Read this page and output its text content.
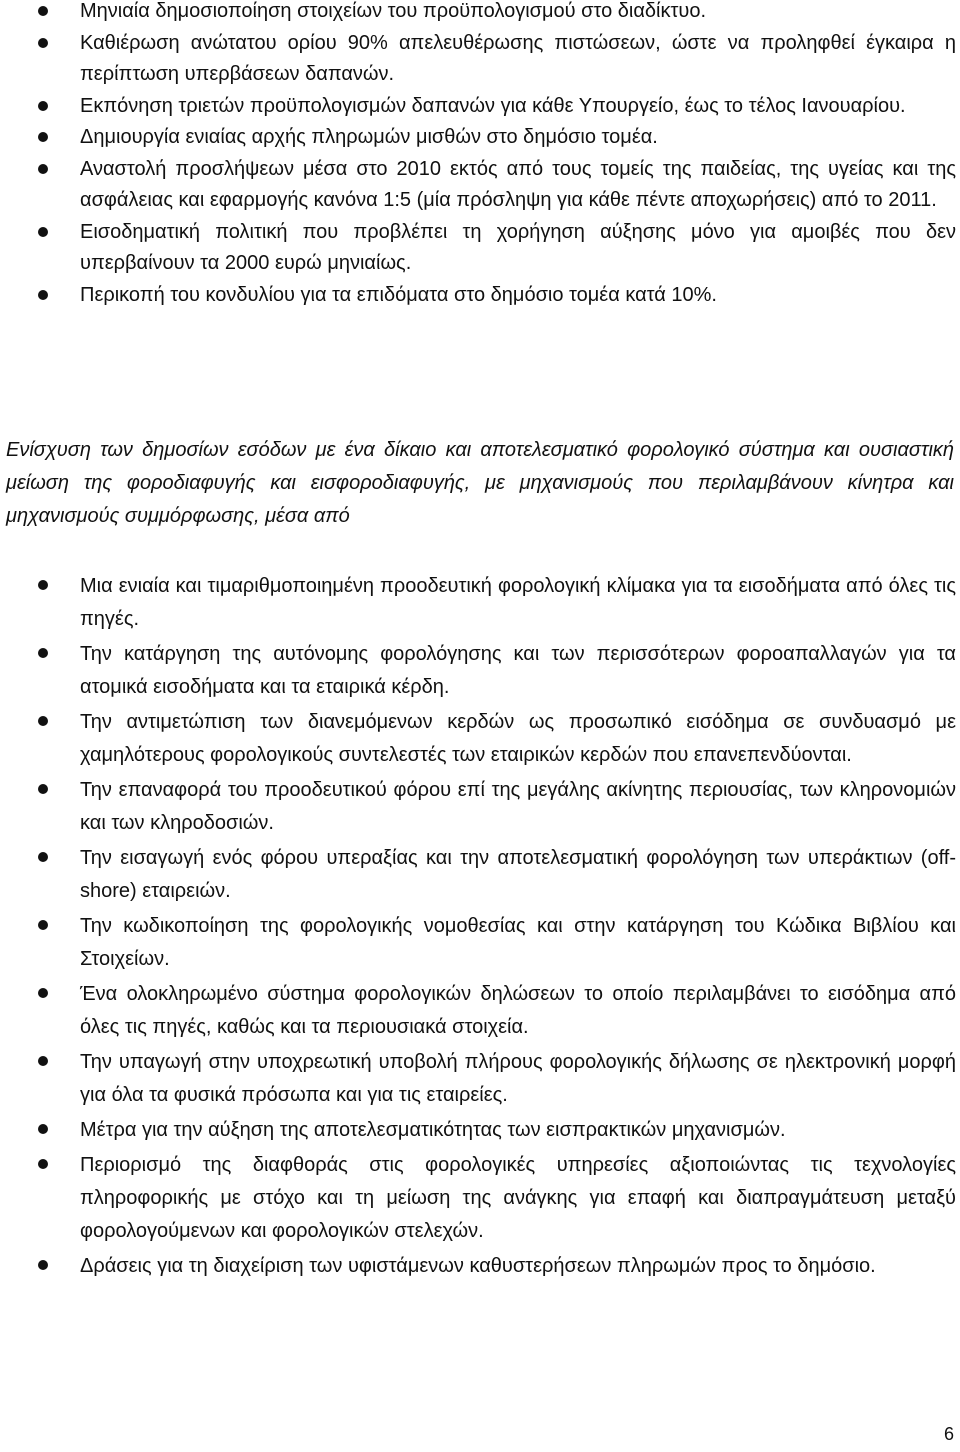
Μηνιαία δημοσιοποίηση στοιχείων του προϋπολογισμού στο διαδίκτυο.
Καθιέρωση ανώτατου ορίου 90% απελευθέρωσης πιστώσεων, ώστε να προληφθεί έγκαιρα η περίπτωση υπερβάσεων δαπανών.
Εκπόνηση τριετών προϋπολογισμών δαπανών για κάθε Υπουργείο, έως το τέλος Ιανουαρίου.
Δημιουργία ενιαίας αρχής πληρωμών μισθών στο δημόσιο τομέα.
Αναστολή προσλήψεων μέσα στο 2010 εκτός από τους τομείς της παιδείας, της υγείας και της ασφάλειας και εφαρμογής κανόνα 1:5 (μία πρόσληψη για κάθε πέντε αποχωρήσεις) από το 2011.
Εισοδηματική πολιτική που προβλέπει τη χορήγηση αύξησης μόνο για αμοιβές που δεν υπερβαίνουν τα 2000 ευρώ μηνιαίως.
Περικοπή του κονδυλίου για τα επιδόματα στο δημόσιο τομέα κατά 10%.

Ενίσχυση των δημοσίων εσόδων με ένα δίκαιο και αποτελεσματικό φορολογικό σύστημα και ουσιαστική μείωση της φοροδιαφυγής και εισφοροδιαφυγής, με μηχανισμούς που περιλαμβάνουν κίνητρα και μηχανισμούς συμμόρφωσης, μέσα από

Μια ενιαία και τιμαριθμοποιημένη προοδευτική φορολογική κλίμακα για τα εισοδήματα από όλες τις πηγές.
Την κατάργηση της αυτόνομης φορολόγησης και των περισσότερων φοροαπαλλαγών για τα ατομικά εισοδήματα και τα εταιρικά κέρδη.
Την αντιμετώπιση των διανεμόμενων κερδών ως προσωπικό εισόδημα σε συνδυασμό με χαμηλότερους φορολογικούς συντελεστές των εταιρικών κερδών που επανεπενδύονται.
Την επαναφορά του προοδευτικού φόρου επί της μεγάλης ακίνητης περιουσίας, των κληρονομιών και των κληροδοσιών.
Την εισαγωγή ενός φόρου υπεραξίας και την αποτελεσματική φορολόγηση των υπεράκτιων (off-shore) εταιρειών.
Την κωδικοποίηση της φορολογικής νομοθεσίας και στην κατάργηση του Κώδικα Βιβλίου και Στοιχείων.
Ένα ολοκληρωμένο σύστημα φορολογικών δηλώσεων το οποίο περιλαμβάνει το εισόδημα από όλες τις πηγές, καθώς και τα περιουσιακά στοιχεία.
Την υπαγωγή στην υποχρεωτική υποβολή πλήρους φορολογικής δήλωσης σε ηλεκτρονική μορφή για όλα τα φυσικά πρόσωπα και για τις εταιρείες.
Μέτρα για την αύξηση της αποτελεσματικότητας των εισπρακτικών μηχανισμών.
Περιορισμό της διαφθοράς στις φορολογικές υπηρεσίες αξιοποιώντας τις τεχνολογίες πληροφορικής με στόχο και τη μείωση της ανάγκης για επαφή και διαπραγμάτευση μεταξύ φορολογούμενων και φορολογικών στελεχών.
Δράσεις για τη διαχείριση των υφιστάμενων καθυστερήσεων πληρωμών προς το δημόσιο.
6
